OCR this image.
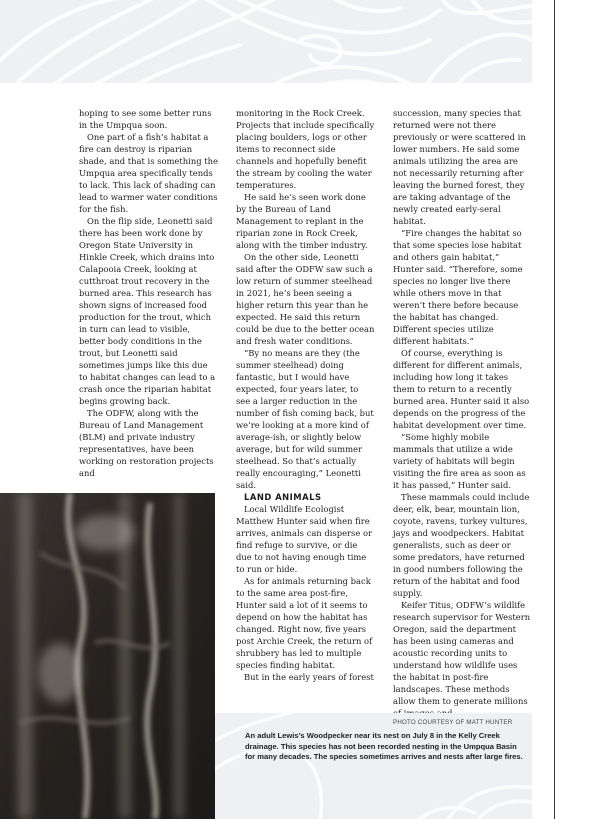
hoping to see some better runs in the Umpqua soon.

One part of a fish’s habitat a fire can destroy is riparian shade, and that is something the Umpqua area specifically tends to lack. This lack of shading can lead to warmer water conditions for the fish.

On the flip side, Leonetti said there has been work done by Oregon State University in Hinkle Creek, which drains into Calapooia Creek, looking at cutthroat trout recovery in the burned area. This research has shown signs of increased food production for the trout, which in turn can lead to visible, better body conditions in the trout, but Leonetti said sometimes jumps like this due to habitat changes can lead to a crash once the riparian habitat begins growing back.

The ODFW, along with the Bureau of Land Management (BLM) and private industry representatives, have been working on restoration projects and

monitoring in the Rock Creek. Projects that include specifically placing boulders, logs or other items to reconnect side channels and hopefully benefit the stream by cooling the water temperatures.

He said he’s seen work done by the Bureau of Land Management to replant in the riparian zone in Rock Creek, along with the timber industry.

On the other side, Leonetti said after the ODFW saw such a low return of summer steelhead in 2021, he’s been seeing a higher return this year than he expected. He said this return could be due to the better ocean and fresh water conditions.

“By no means are they (the summer steelhead) doing fantastic, but I would have expected, four years later, to see a larger reduction in the number of fish coming back, but we’re looking at a more kind of average-ish, or slightly below average, but for wild summer steelhead. So that’s actually really encouraging,” Leonetti said.

LAND ANIMALS

Local Wildlife Ecologist Matthew Hunter said when fire arrives, animals can disperse or find refuge to survive, or die due to not having enough time to run or hide.

As for animals returning back to the same area post-fire, Hunter said a lot of it seems to depend on how the habitat has changed. Right now, five years post Archie Creek, the return of shrubbery has led to multiple species finding habitat.

But in the early years of forest

succession, many species that returned were not there previously or were scattered in lower numbers. He said some animals utilizing the area are not necessarily returning after leaving the burned forest, they are taking advantage of the newly created early-seral habitat.

“Fire changes the habitat so that some species lose habitat and others gain habitat,” Hunter said. “Therefore, some species no longer live there while others move in that weren’t there before because the habitat has changed. Different species utilize different habitats.”

Of course, everything is different for different animals, including how long it takes them to return to a recently burned area. Hunter said it also depends on the progress of the habitat development over time.

“Some highly mobile mammals that utilize a wide variety of habitats will begin visiting the fire area as soon as it has passed,” Hunter said.

These mammals could include deer, elk, bear, mountain lion, coyote, ravens, turkey vultures, jays and woodpeckers. Habitat generalists, such as deer or some predators, have returned in good numbers following the return of the habitat and food supply.

Keifer Titus, ODFW’s wildlife research supervisor for Western Oregon, said the department has been using cameras and acoustic recording units to understand how wildlife uses the habitat in post-fire landscapes. These methods allow them to generate millions

PHOTO COURTESY OF MATT HUNTER
An adult Lewis’s Woodpecker near its nest on July 8 in the Kelly Creek drainage. This species has not been recorded nesting in the Umpqua Basin for many decades. The species sometimes arrives and nests after large fires.
